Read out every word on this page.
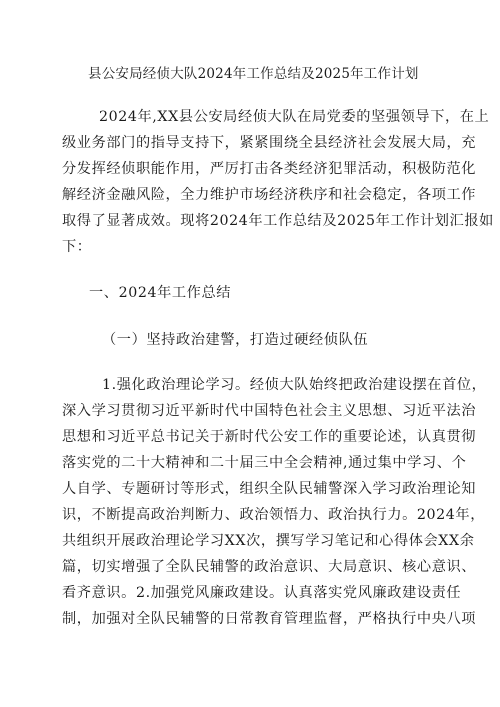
县公安局经侦大队2024年工作总结及2025年工作计划
2024年,XX县公安局经侦大队在局党委的坚强领导下，在上
级业务部门的指导支持下，紧紧围绕全县经济社会发展大局，充
分发挥经侦职能作用，严厉打击各类经济犯罪活动，积极防范化
解经济金融风险，全力维护市场经济秩序和社会稳定，各项工作
取得了显著成效。现将2024年工作总结及2025年工作计划汇报如
下：
一、2024年工作总结
（一）坚持政治建警，打造过硬经侦队伍
1.强化政治理论学习。经侦大队始终把政治建设摆在首位，
深入学习贯彻习近平新时代中国特色社会主义思想、习近平法治
思想和习近平总书记关于新时代公安工作的重要论述，认真贯彻
落实党的二十大精神和二十届三中全会精神,通过集中学习、个
人自学、专题研讨等形式，组织全队民辅警深入学习政治理论知
识，不断提高政治判断力、政治领悟力、政治执行力。2024年，
共组织开展政治理论学习XX次，撰写学习笔记和心得体会XX余
篇，切实增强了全队民辅警的政治意识、大局意识、核心意识、
看齐意识。2.加强党风廉政建设。认真落实党风廉政建设责任
制，加强对全队民辅警的日常教育管理监督，严格执行中央八项
